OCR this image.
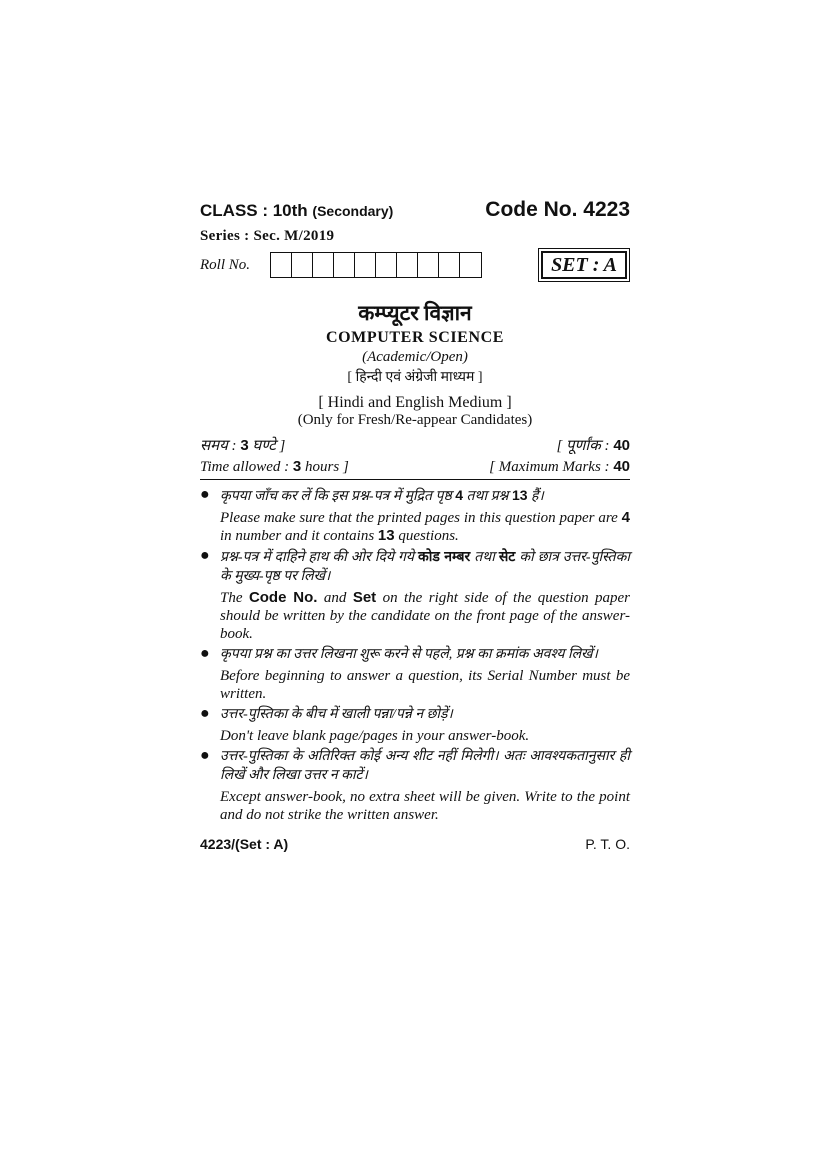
CLASS : 10th (Secondary)	Code No. 4223
Series : Sec. M/2019
Roll No.	SET : A
कम्प्यूटर विज्ञान
COMPUTER SCIENCE
(Academic/Open)
[ हिन्दी एवं अंग्रेजी माध्यम ]
[ Hindi and English Medium ]
(Only for Fresh/Re-appear Candidates)
समय : 3 घण्टे ]	[ पूर्णांक : 40
Time allowed : 3 hours ]	[ Maximum Marks : 40
● कृपया जाँच कर लें कि इस प्रश्न-पत्र में मुद्रित पृष्ठ 4 तथा प्रश्न 13 हैं।

Please make sure that the printed pages in this question paper are 4 in number and it contains 13 questions.

● प्रश्न-पत्र में दाहिने हाथ की ओर दिये गये कोड नम्बर तथा सेट को छात्र उत्तर-पुस्तिका के मुख्य-पृष्ठ पर लिखें।

The Code No. and Set on the right side of the question paper should be written by the candidate on the front page of the answer-book.

● कृपया प्रश्न का उत्तर लिखना शुरू करने से पहले, प्रश्न का क्रमांक अवश्य लिखें।

Before beginning to answer a question, its Serial Number must be written.

● उत्तर-पुस्तिका के बीच में खाली पन्ना/पन्ने न छोड़ें।

Don't leave blank page/pages in your answer-book.

● उत्तर-पुस्तिका के अतिरिक्त कोई अन्य शीट नहीं मिलेगी। अतः आवश्यकतानुसार ही लिखें और लिखा उत्तर न काटें।

Except answer-book, no extra sheet will be given. Write to the point and do not strike the written answer.

4223/(Set : A)	P. T. O.
